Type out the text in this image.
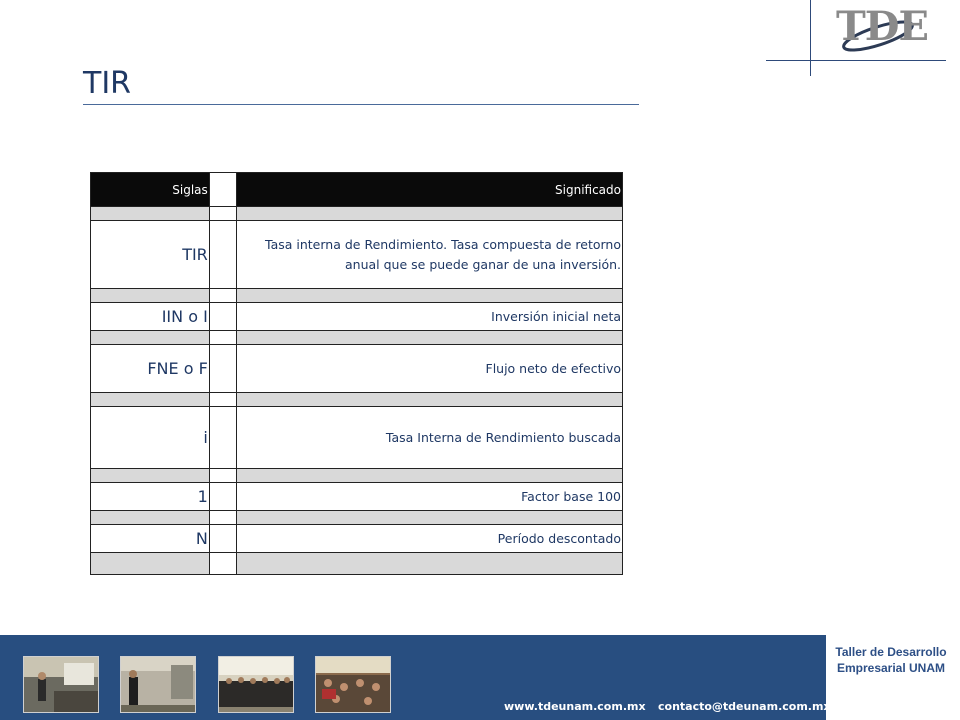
TDE
TIR
Siglas		Significado

TIR		Tasa interna de Rendimiento. Tasa compuesta de retorno anual que se puede ganar de una inversión.

IIN o I		Inversión inicial neta

FNE o F		Flujo neto de efectivo

i		Tasa Interna de Rendimiento buscada

1		Factor base 100

N		Período descontado

Taller de Desarrollo
Empresarial UNAM
www.tdeunam.com.mx contacto@tdeunam.com.mx
